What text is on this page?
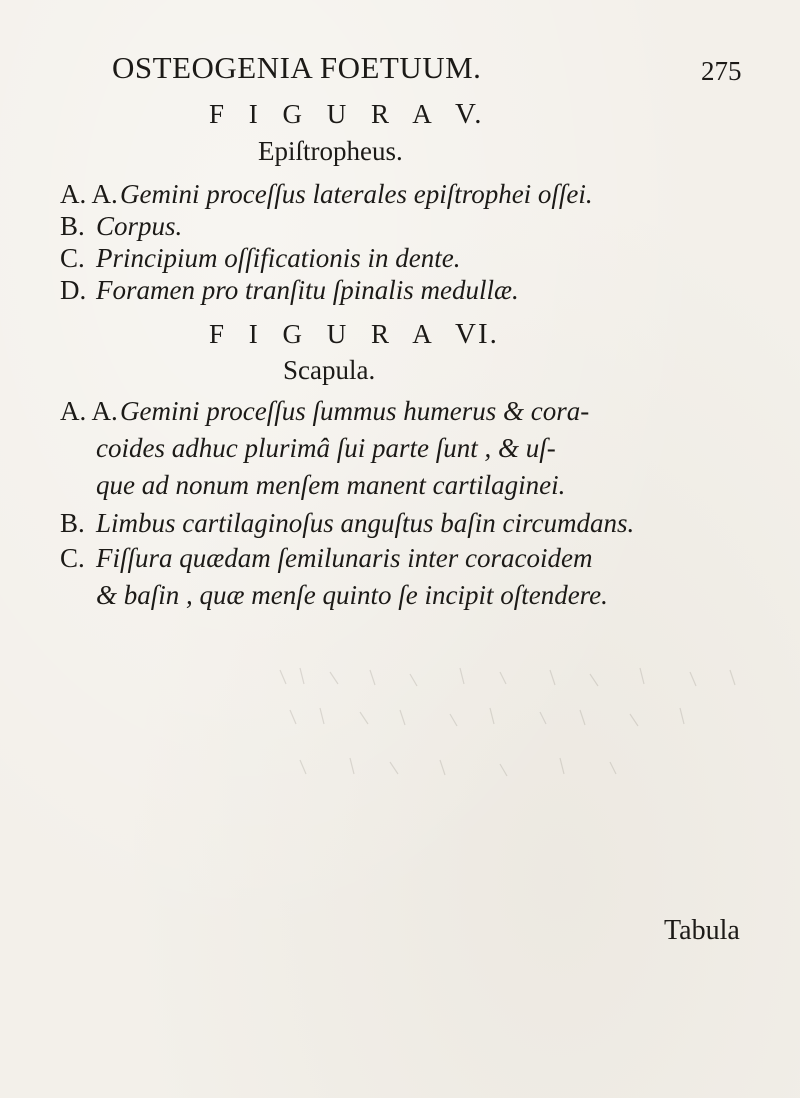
OSTEOGENIA FOETUUM.	275
F I G U R A V.
Epiſtropheus.
A. A.Gemini proceſſus laterales epiſtrophei oſſei.
B. Corpus.
C. Principium oſſificationis in dente.
D. Foramen pro tranſitu ſpinalis medullæ.
F I G U R A VI.
Scapula.
A. A.Gemini proceſſus ſummus humerus & cora-
coides adhuc plurimâ ſui parte ſunt , & uſ-
que ad nonum menſem manent cartilaginei.
B. Limbus cartilaginoſus anguſtus baſin circumdans.
C. Fiſſura quædam ſemilunaris inter coracoidem
& baſin , quæ menſe quinto ſe incipit oſtendere.
Tabula
